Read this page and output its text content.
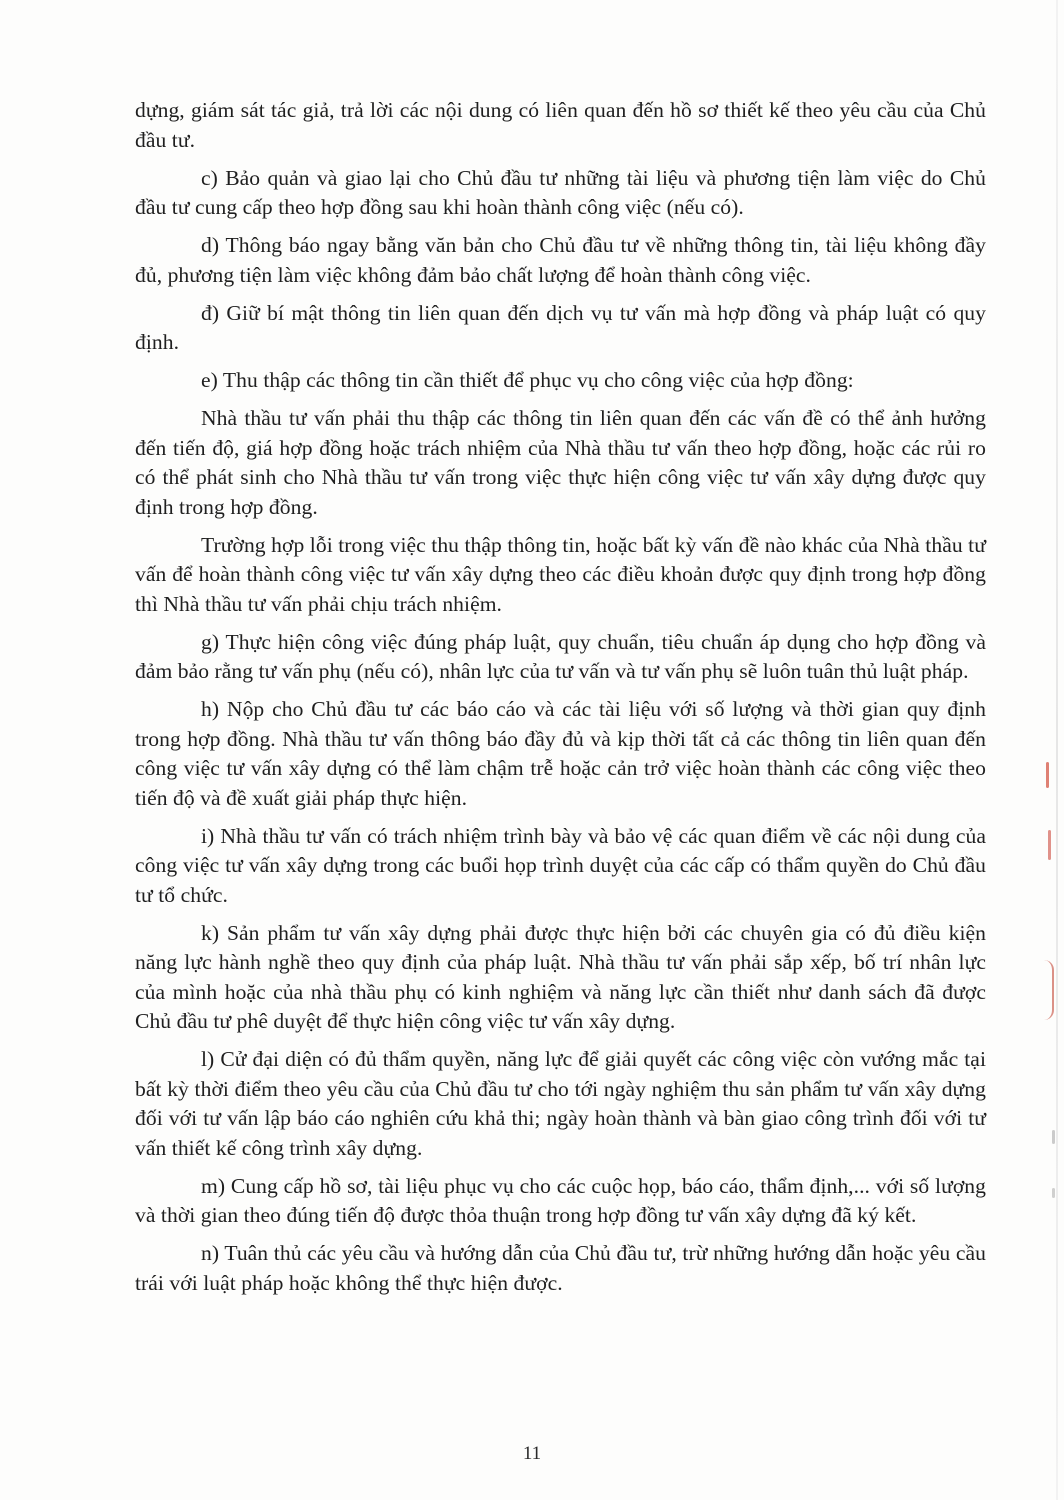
dựng, giám sát tác giả, trả lời các nội dung có liên quan đến hồ sơ thiết kế theo yêu cầu của Chủ đầu tư.

c) Bảo quản và giao lại cho Chủ đầu tư những tài liệu và phương tiện làm việc do Chủ đầu tư cung cấp theo hợp đồng sau khi hoàn thành công việc (nếu có).

d) Thông báo ngay bằng văn bản cho Chủ đầu tư về những thông tin, tài liệu không đầy đủ, phương tiện làm việc không đảm bảo chất lượng để hoàn thành công việc.

đ) Giữ bí mật thông tin liên quan đến dịch vụ tư vấn mà hợp đồng và pháp luật có quy định.

e) Thu thập các thông tin cần thiết để phục vụ cho công việc của hợp đồng:

Nhà thầu tư vấn phải thu thập các thông tin liên quan đến các vấn đề có thể ảnh hưởng đến tiến độ, giá hợp đồng hoặc trách nhiệm của Nhà thầu tư vấn theo hợp đồng, hoặc các rủi ro có thể phát sinh cho Nhà thầu tư vấn trong việc thực hiện công việc tư vấn xây dựng được quy định trong hợp đồng.

Trường hợp lỗi trong việc thu thập thông tin, hoặc bất kỳ vấn đề nào khác của Nhà thầu tư vấn để hoàn thành công việc tư vấn xây dựng theo các điều khoản được quy định trong hợp đồng thì Nhà thầu tư vấn phải chịu trách nhiệm.

g) Thực hiện công việc đúng pháp luật, quy chuẩn, tiêu chuẩn áp dụng cho hợp đồng và đảm bảo rằng tư vấn phụ (nếu có), nhân lực của tư vấn và tư vấn phụ sẽ luôn tuân thủ luật pháp.

h) Nộp cho Chủ đầu tư các báo cáo và các tài liệu với số lượng và thời gian quy định trong hợp đồng. Nhà thầu tư vấn thông báo đầy đủ và kịp thời tất cả các thông tin liên quan đến công việc tư vấn xây dựng có thể làm chậm trễ hoặc cản trở việc hoàn thành các công việc theo tiến độ và đề xuất giải pháp thực hiện.

i) Nhà thầu tư vấn có trách nhiệm trình bày và bảo vệ các quan điểm về các nội dung của công việc tư vấn xây dựng trong các buổi họp trình duyệt của các cấp có thẩm quyền do Chủ đầu tư tổ chức.

k) Sản phẩm tư vấn xây dựng phải được thực hiện bởi các chuyên gia có đủ điều kiện năng lực hành nghề theo quy định của pháp luật. Nhà thầu tư vấn phải sắp xếp, bố trí nhân lực của mình hoặc của nhà thầu phụ có kinh nghiệm và năng lực cần thiết như danh sách đã được Chủ đầu tư phê duyệt để thực hiện công việc tư vấn xây dựng.

l) Cử đại diện có đủ thẩm quyền, năng lực để giải quyết các công việc còn vướng mắc tại bất kỳ thời điểm theo yêu cầu của Chủ đầu tư cho tới ngày nghiệm thu sản phẩm tư vấn xây dựng đối với tư vấn lập báo cáo nghiên cứu khả thi; ngày hoàn thành và bàn giao công trình đối với tư vấn thiết kế công trình xây dựng.

m) Cung cấp hồ sơ, tài liệu phục vụ cho các cuộc họp, báo cáo, thẩm định,... với số lượng và thời gian theo đúng tiến độ được thỏa thuận trong hợp đồng tư vấn xây dựng đã ký kết.

n) Tuân thủ các yêu cầu và hướng dẫn của Chủ đầu tư, trừ những hướng dẫn hoặc yêu cầu trái với luật pháp hoặc không thể thực hiện được.

11
